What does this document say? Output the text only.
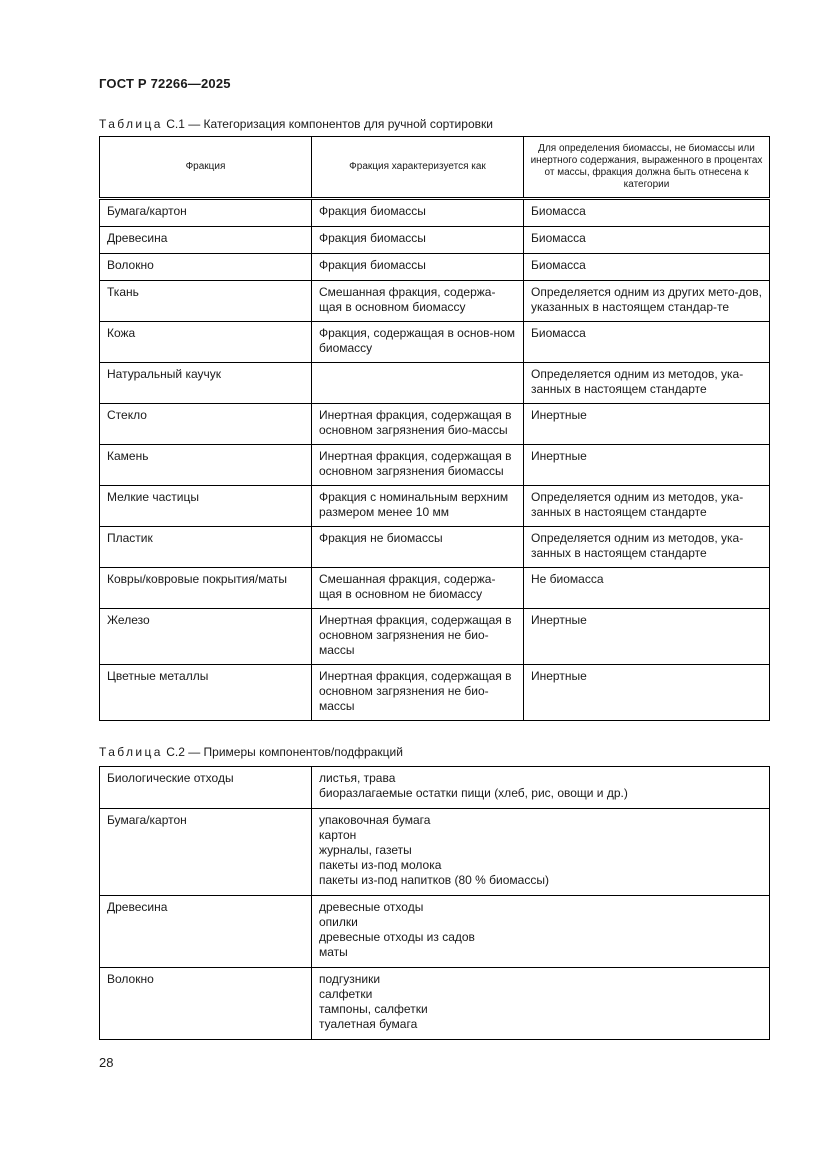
ГОСТ Р 72266—2025
Таблица С.1 — Категоризация компонентов для ручной сортировки
Фракция	Фракция характеризуется как	Для определения биомассы, не биомассы или инертного содержания, выраженного в процентах от массы, фракция должна быть отнесена к категории
Бумага/картон	Фракция биомассы	Биомасса
Древесина	Фракция биомассы	Биомасса
Волокно	Фракция биомассы	Биомасса
Ткань	Смешанная фракция, содержа-щая в основном биомассу	Определяется одним из других мето-дов, указанных в настоящем стандар-те
Кожа	Фракция, содержащая в основ-ном биомассу	Биомасса
Натуральный каучук		Определяется одним из методов, ука-занных в настоящем стандарте
Стекло	Инертная фракция, содержащая в основном загрязнения био-массы	Инертные
Камень	Инертная фракция, содержащая в основном загрязнения биомассы	Инертные
Мелкие частицы	Фракция с номинальным верхним размером менее 10 мм	Определяется одним из методов, ука-занных в настоящем стандарте
Пластик	Фракция не биомассы	Определяется одним из методов, ука-занных в настоящем стандарте
Ковры/ковровые покрытия/маты	Смешанная фракция, содержа-щая в основном не биомассу	Не биомасса
Железо	Инертная фракция, содержащая в основном загрязнения не био-массы	Инертные
Цветные металлы	Инертная фракция, содержащая в основном загрязнения не био-массы	Инертные
Таблица С.2 — Примеры компонентов/подфракций
Биологические отходы	листья, трава
биоразлагаемые остатки пищи (хлеб, рис, овощи и др.)

Бумага/картон	упаковочная бумага
картон
журналы, газеты
пакеты из-под молока
пакеты из-под напитков (80 % биомассы)

Древесина	древесные отходы
опилки
древесные отходы из садов
маты

Волокно	подгузники
салфетки
тампоны, салфетки
туалетная бумага
28
